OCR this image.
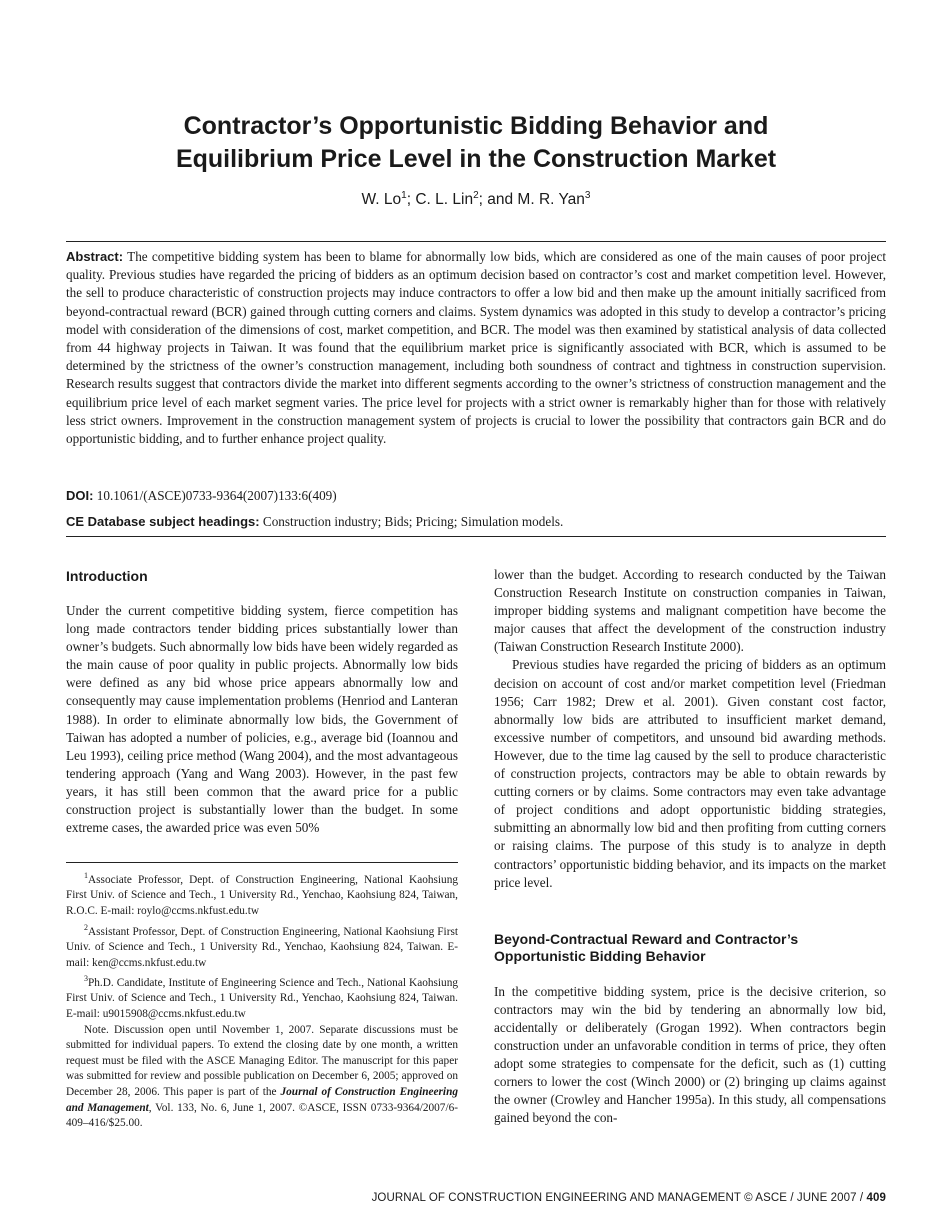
Contractor’s Opportunistic Bidding Behavior and
Equilibrium Price Level in the Construction Market
W. Lo$^1$; C. L. Lin$^2$; and M. R. Yan$^3$
Abstract: The competitive bidding system has been to blame for abnormally low bids, which are considered as one of the main causes of poor project quality. Previous studies have regarded the pricing of bidders as an optimum decision based on contractor’s cost and market competition level. However, the sell to produce characteristic of construction projects may induce contractors to offer a low bid and then make up the amount initially sacrificed from beyond-contractual reward (BCR) gained through cutting corners and claims. System dynamics was adopted in this study to develop a contractor’s pricing model with consideration of the dimensions of cost, market competition, and BCR. The model was then examined by statistical analysis of data collected from 44 highway projects in Taiwan. It was found that the equilibrium market price is significantly associated with BCR, which is assumed to be determined by the strictness of the owner’s construction management, including both soundness of contract and tightness in construction supervision. Research results suggest that contractors divide the market into different segments according to the owner’s strictness of construction management and the equilibrium price level of each market segment varies. The price level for projects with a strict owner is remarkably higher than for those with relatively less strict owners. Improvement in the construction management system of projects is crucial to lower the possibility that contractors gain BCR and do opportunistic bidding, and to further enhance project quality.
DOI: 10.1061/(ASCE)0733-9364(2007)133:6(409)
CE Database subject headings: Construction industry; Bids; Pricing; Simulation models.
Introduction

Under the current competitive bidding system, fierce competition has long made contractors tender bidding prices substantially lower than owner’s budgets. Such abnormally low bids have been widely regarded as the main cause of poor quality in public projects. Abnormally low bids were defined as any bid whose price appears abnormally low and consequently may cause implementation problems (Henriod and Lanteran 1988). In order to eliminate abnormally low bids, the Government of Taiwan has adopted a number of policies, e.g., average bid (Ioannou and Leu 1993), ceiling price method (Wang 2004), and the most advantageous tendering approach (Yang and Wang 2003). However, in the past few years, it has still been common that the award price for a public construction project is substantially lower than the budget. In some extreme cases, the awarded price was even 50%

$^1$Associate Professor, Dept. of Construction Engineering, National Kaohsiung First Univ. of Science and Tech., 1 University Rd., Yenchao, Kaohsiung 824, Taiwan, R.O.C. E-mail: roylo@ccms.nkfust.edu.tw

$^2$Assistant Professor, Dept. of Construction Engineering, National Kaohsiung First Univ. of Science and Tech., 1 University Rd., Yenchao, Kaohsiung 824, Taiwan. E-mail: ken@ccms.nkfust.edu.tw

$^3$Ph.D. Candidate, Institute of Engineering Science and Tech., National Kaohsiung First Univ. of Science and Tech., 1 University Rd., Yenchao, Kaohsiung 824, Taiwan. E-mail: u9015908@ccms.nkfust.edu.tw

Note. Discussion open until November 1, 2007. Separate discussions must be submitted for individual papers. To extend the closing date by one month, a written request must be filed with the ASCE Managing Editor. The manuscript for this paper was submitted for review and possible publication on December 6, 2005; approved on December 28, 2006. This paper is part of the Journal of Construction Engineering and Management, Vol. 133, No. 6, June 1, 2007. ©ASCE, ISSN 0733-9364/2007/6-409–416/$25.00.

lower than the budget. According to research conducted by the Taiwan Construction Research Institute on construction companies in Taiwan, improper bidding systems and malignant competition have become the major causes that affect the development of the construction industry (Taiwan Construction Research Institute 2000).

Previous studies have regarded the pricing of bidders as an optimum decision on account of cost and/or market competition level (Friedman 1956; Carr 1982; Drew et al. 2001). Given constant cost factor, abnormally low bids are attributed to insufficient market demand, excessive number of competitors, and unsound bid awarding methods. However, due to the time lag caused by the sell to produce characteristic of construction projects, contractors may be able to obtain rewards by cutting corners or by claims. Some contractors may even take advantage of project conditions and adopt opportunistic bidding strategies, submitting an abnormally low bid and then profiting from cutting corners or raising claims. The purpose of this study is to analyze in depth contractors’ opportunistic bidding behavior, and its impacts on the market price level.

Beyond-Contractual Reward and Contractor’s
Opportunistic Bidding Behavior

In the competitive bidding system, price is the decisive criterion, so contractors may win the bid by tendering an abnormally low bid, accidentally or deliberately (Grogan 1992). When contractors begin construction under an unfavorable condition in terms of price, they often adopt some strategies to compensate for the deficit, such as (1) cutting corners to lower the cost (Winch 2000) or (2) bringing up claims against the owner (Crowley and Hancher 1995a). In this study, all compensations gained beyond the con-

JOURNAL OF CONSTRUCTION ENGINEERING AND MANAGEMENT © ASCE / JUNE 2007 / 409
